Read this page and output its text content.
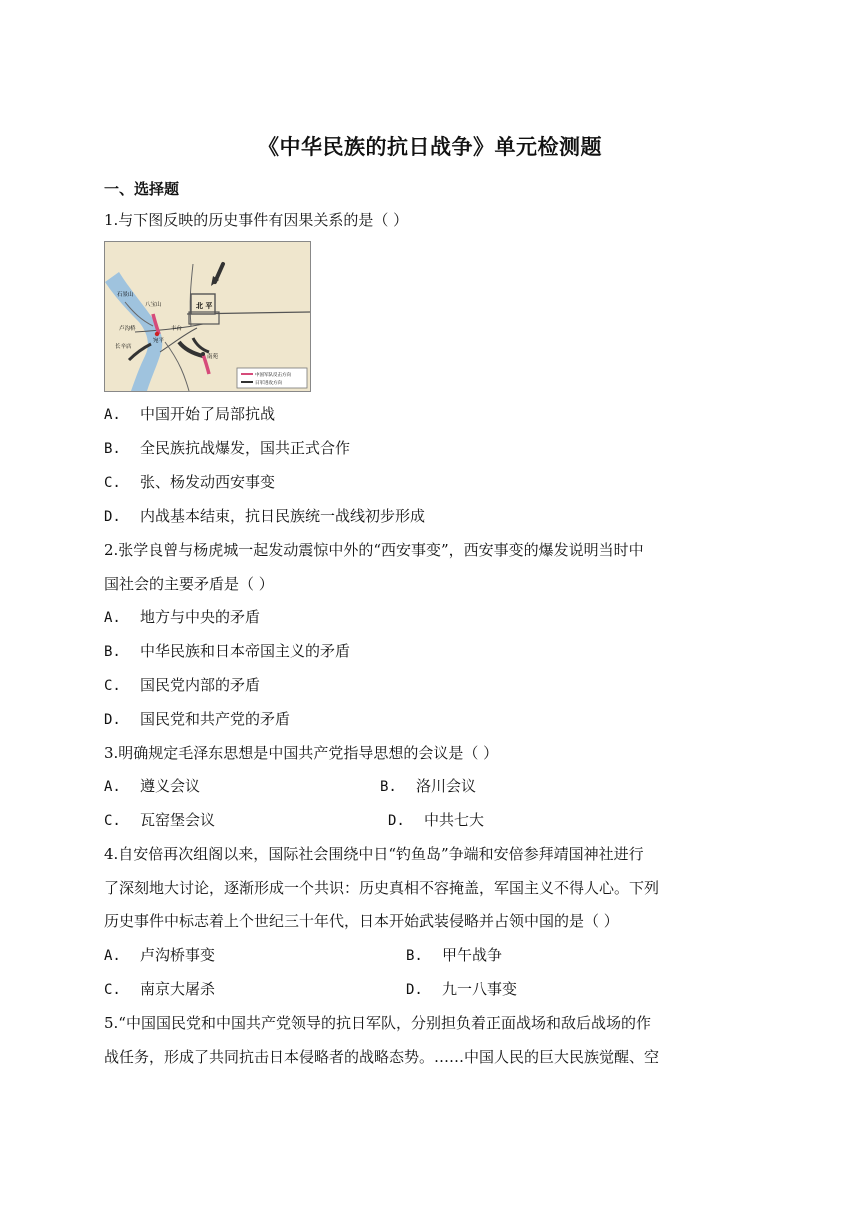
《中华民族的抗日战争》单元检测题
一、选择题
1.与下图反映的历史事件有因果关系的是（ ）
北 平
石景山
八宝山
卢沟桥
宛平
丰台
长辛店
南苑
中国军队反击方向
日军进攻方向
A. 中国开始了局部抗战
B. 全民族抗战爆发，国共正式合作
C. 张、杨发动西安事变
D. 内战基本结束，抗日民族统一战线初步形成
2.张学良曾与杨虎城一起发动震惊中外的“西安事变”，西安事变的爆发说明当时中
国社会的主要矛盾是（ ）
A. 地方与中央的矛盾
B. 中华民族和日本帝国主义的矛盾
C. 国民党内部的矛盾
D. 国民党和共产党的矛盾
3.明确规定毛泽东思想是中国共产党指导思想的会议是（ ）
A. 遵义会议	B. 洛川会议
C. 瓦窑堡会议	D. 中共七大
4.自安倍再次组阁以来，国际社会围绕中日“钓鱼岛”争端和安倍参拜靖国神社进行
了深刻地大讨论，逐渐形成一个共识：历史真相不容掩盖，军国主义不得人心。下列
历史事件中标志着上个世纪三十年代，日本开始武装侵略并占领中国的是（ ）
A. 卢沟桥事变	B. 甲午战争
C. 南京大屠杀	D. 九一八事变
5.“中国国民党和中国共产党领导的抗日军队，分别担负着正面战场和敌后战场的作
战任务，形成了共同抗击日本侵略者的战略态势。……中国人民的巨大民族觉醒、空
